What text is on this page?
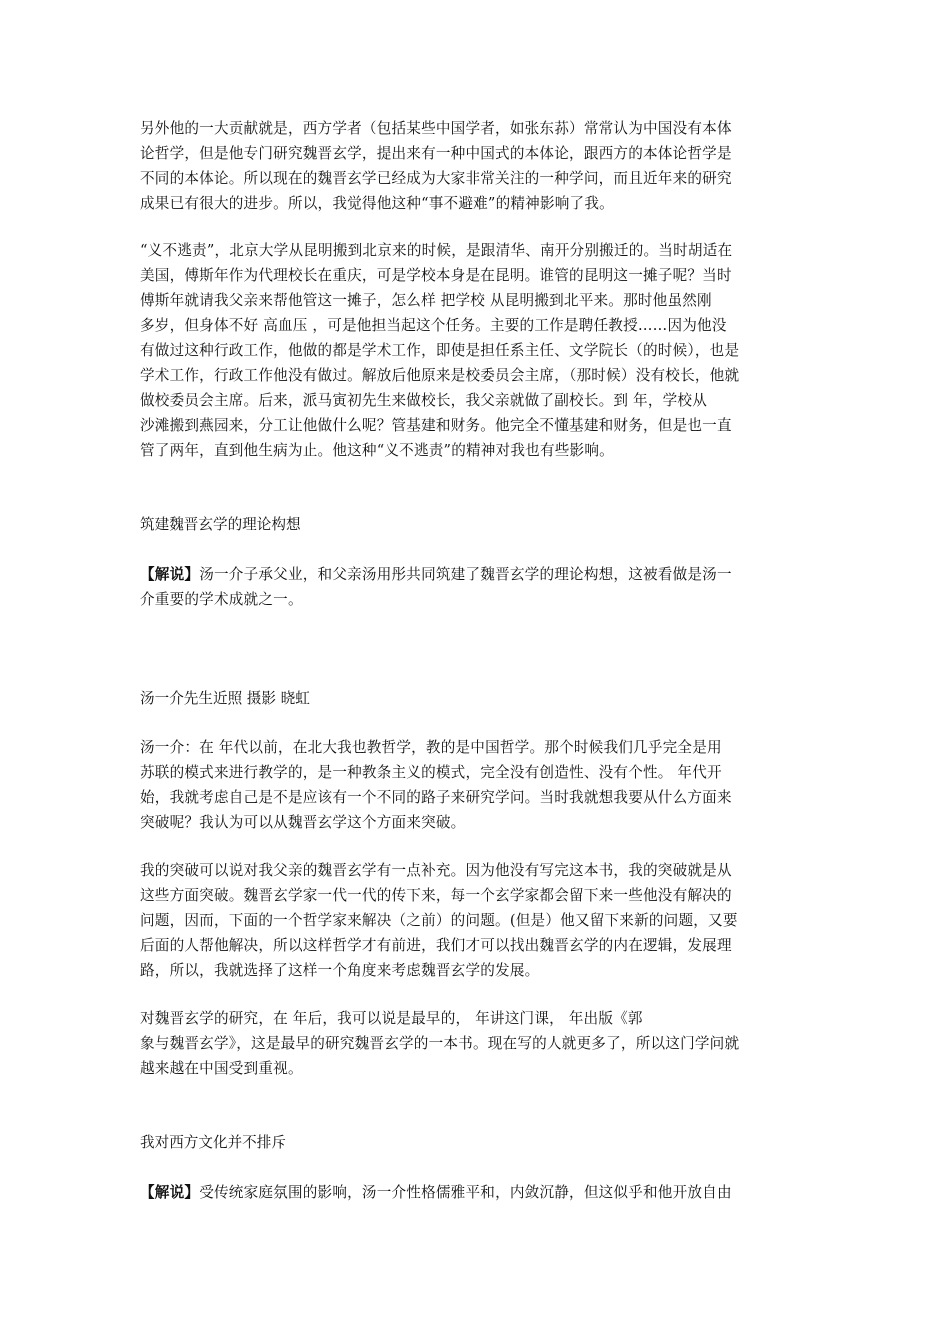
另外他的一大贡献就是，西方学者（包括某些中国学者，如张东荪）常常认为中国没有本体
论哲学，但是他专门研究魏晋玄学，提出来有一种中国式的本体论，跟西方的本体论哲学是
不同的本体论。所以现在的魏晋玄学已经成为大家非常关注的一种学问，而且近年来的研究
成果已有很大的进步。所以，我觉得他这种“事不避难”的精神影响了我。
“义不逃责”，北京大学从昆明搬到北京来的时候，是跟清华、南开分别搬迁的。当时胡适在
美国，傅斯年作为代理校长在重庆，可是学校本身是在昆明。谁管的昆明这一摊子呢？当时
傅斯年就请我父亲来帮他管这一摊子，怎么样 把学校 从昆明搬到北平来。那时他虽然刚
多岁，但身体不好 高血压 ，可是他担当起这个任务。主要的工作是聘任教授……因为他没
有做过这种行政工作，他做的都是学术工作，即使是担任系主任、文学院长（的时候），也是
学术工作，行政工作他没有做过。解放后他原来是校委员会主席，（那时候）没有校长，他就
做校委员会主席。后来，派马寅初先生来做校长，我父亲就做了副校长。到 年，学校从
沙滩搬到燕园来，分工让他做什么呢？管基建和财务。他完全不懂基建和财务，但是也一直
管了两年，直到他生病为止。他这种“义不逃责”的精神对我也有些影响。
筑建魏晋玄学的理论构想
【解说】汤一介子承父业，和父亲汤用彤共同筑建了魏晋玄学的理论构想，这被看做是汤一
介重要的学术成就之一。
汤一介先生近照 摄影 晓虹
汤一介：在 年代以前，在北大我也教哲学，教的是中国哲学。那个时候我们几乎完全是用
苏联的模式来进行教学的，是一种教条主义的模式，完全没有创造性、没有个性。 年代开
始，我就考虑自己是不是应该有一个不同的路子来研究学问。当时我就想我要从什么方面来
突破呢？我认为可以从魏晋玄学这个方面来突破。
我的突破可以说对我父亲的魏晋玄学有一点补充。因为他没有写完这本书，我的突破就是从
这些方面突破。魏晋玄学家一代一代的传下来，每一个玄学家都会留下来一些他没有解决的
问题，因而，下面的一个哲学家来解决（之前）的问题。(但是）他又留下来新的问题，又要
后面的人帮他解决，所以这样哲学才有前进，我们才可以找出魏晋玄学的内在逻辑，发展理
路，所以，我就选择了这样一个角度来考虑魏晋玄学的发展。
对魏晋玄学的研究，在 年后，我可以说是最早的， 年讲这门课， 年出版《郭
象与魏晋玄学》，这是最早的研究魏晋玄学的一本书。现在写的人就更多了，所以这门学问就
越来越在中国受到重视。
我对西方文化并不排斥
【解说】受传统家庭氛围的影响，汤一介性格儒雅平和，内敛沉静，但这似乎和他开放自由
